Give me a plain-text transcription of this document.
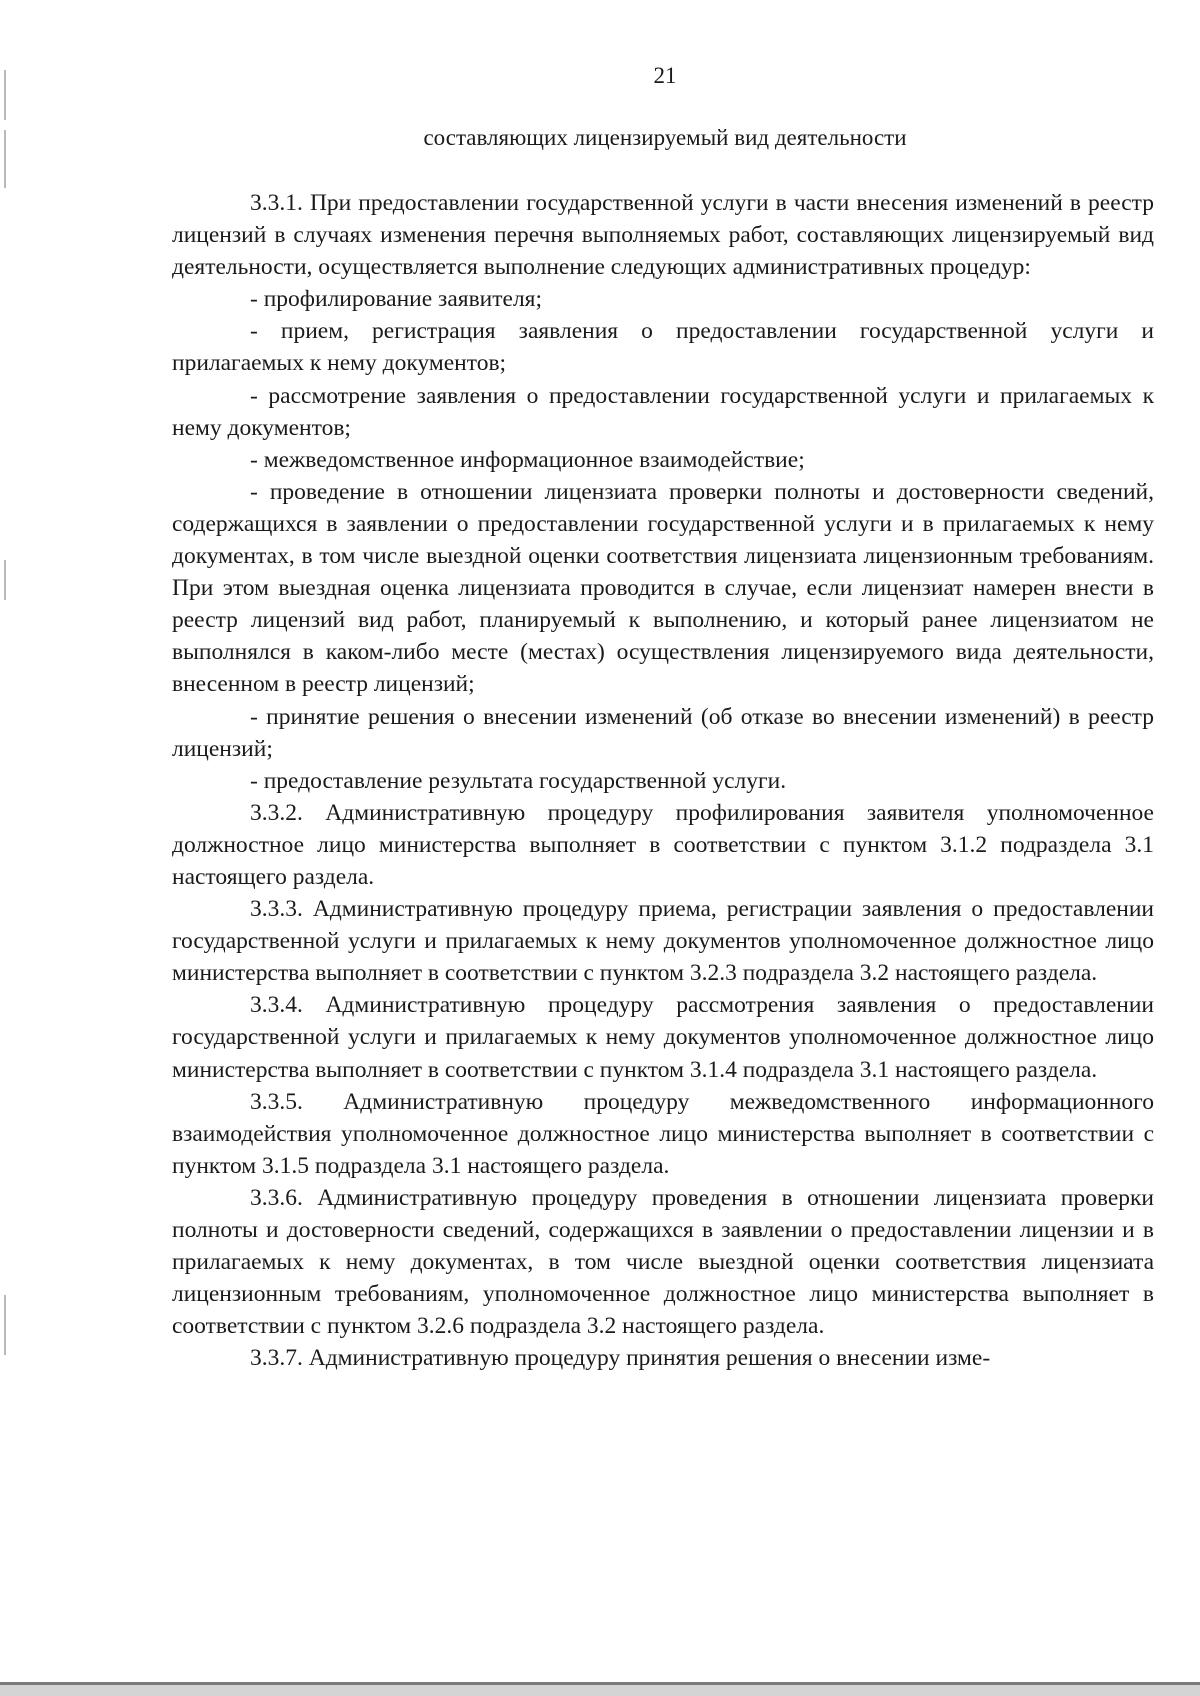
21
составляющих лицензируемый вид деятельности

3.3.1. При предоставлении государственной услуги в части внесения изменений в реестр лицензий в случаях изменения перечня выполняемых работ, составляющих лицензируемый вид деятельности, осуществляется выполнение следующих административных процедур:

- профилирование заявителя;

- прием, регистрация заявления о предоставлении государственной услуги и прилагаемых к нему документов;

- рассмотрение заявления о предоставлении государственной услуги и прилагаемых к нему документов;

- межведомственное информационное взаимодействие;

- проведение в отношении лицензиата проверки полноты и достоверности сведений, содержащихся в заявлении о предоставлении государственной услуги и в прилагаемых к нему документах, в том числе выездной оценки соответствия лицензиата лицензионным требованиям. При этом выездная оценка лицензиата проводится в случае, если лицензиат намерен внести в реестр лицензий вид работ, планируемый к выполнению, и который ранее лицензиатом не выполнялся в каком-либо месте (местах) осуществления лицензируемого вида деятельности, внесенном в реестр лицензий;

- принятие решения о внесении изменений (об отказе во внесении изменений) в реестр лицензий;

- предоставление результата государственной услуги.

3.3.2. Административную процедуру профилирования заявителя уполномоченное должностное лицо министерства выполняет в соответствии с пунктом 3.1.2 подраздела 3.1 настоящего раздела.

3.3.3. Административную процедуру приема, регистрации заявления о предоставлении государственной услуги и прилагаемых к нему документов уполномоченное должностное лицо министерства выполняет в соответствии с пунктом 3.2.3 подраздела 3.2 настоящего раздела.

3.3.4. Административную процедуру рассмотрения заявления о предоставлении государственной услуги и прилагаемых к нему документов уполномоченное должностное лицо министерства выполняет в соответствии с пунктом 3.1.4 подраздела 3.1 настоящего раздела.

3.3.5. Административную процедуру межведомственного информационного взаимодействия уполномоченное должностное лицо министерства выполняет в соответствии с пунктом 3.1.5 подраздела 3.1 настоящего раздела.

3.3.6. Административную процедуру проведения в отношении лицензиата проверки полноты и достоверности сведений, содержащихся в заявлении о предоставлении лицензии и в прилагаемых к нему документах, в том числе выездной оценки соответствия лицензиата лицензионным требованиям, уполномоченное должностное лицо министерства выполняет в соответствии с пунктом 3.2.6 подраздела 3.2 настоящего раздела.

3.3.7. Административную процедуру принятия решения о внесении изме-
